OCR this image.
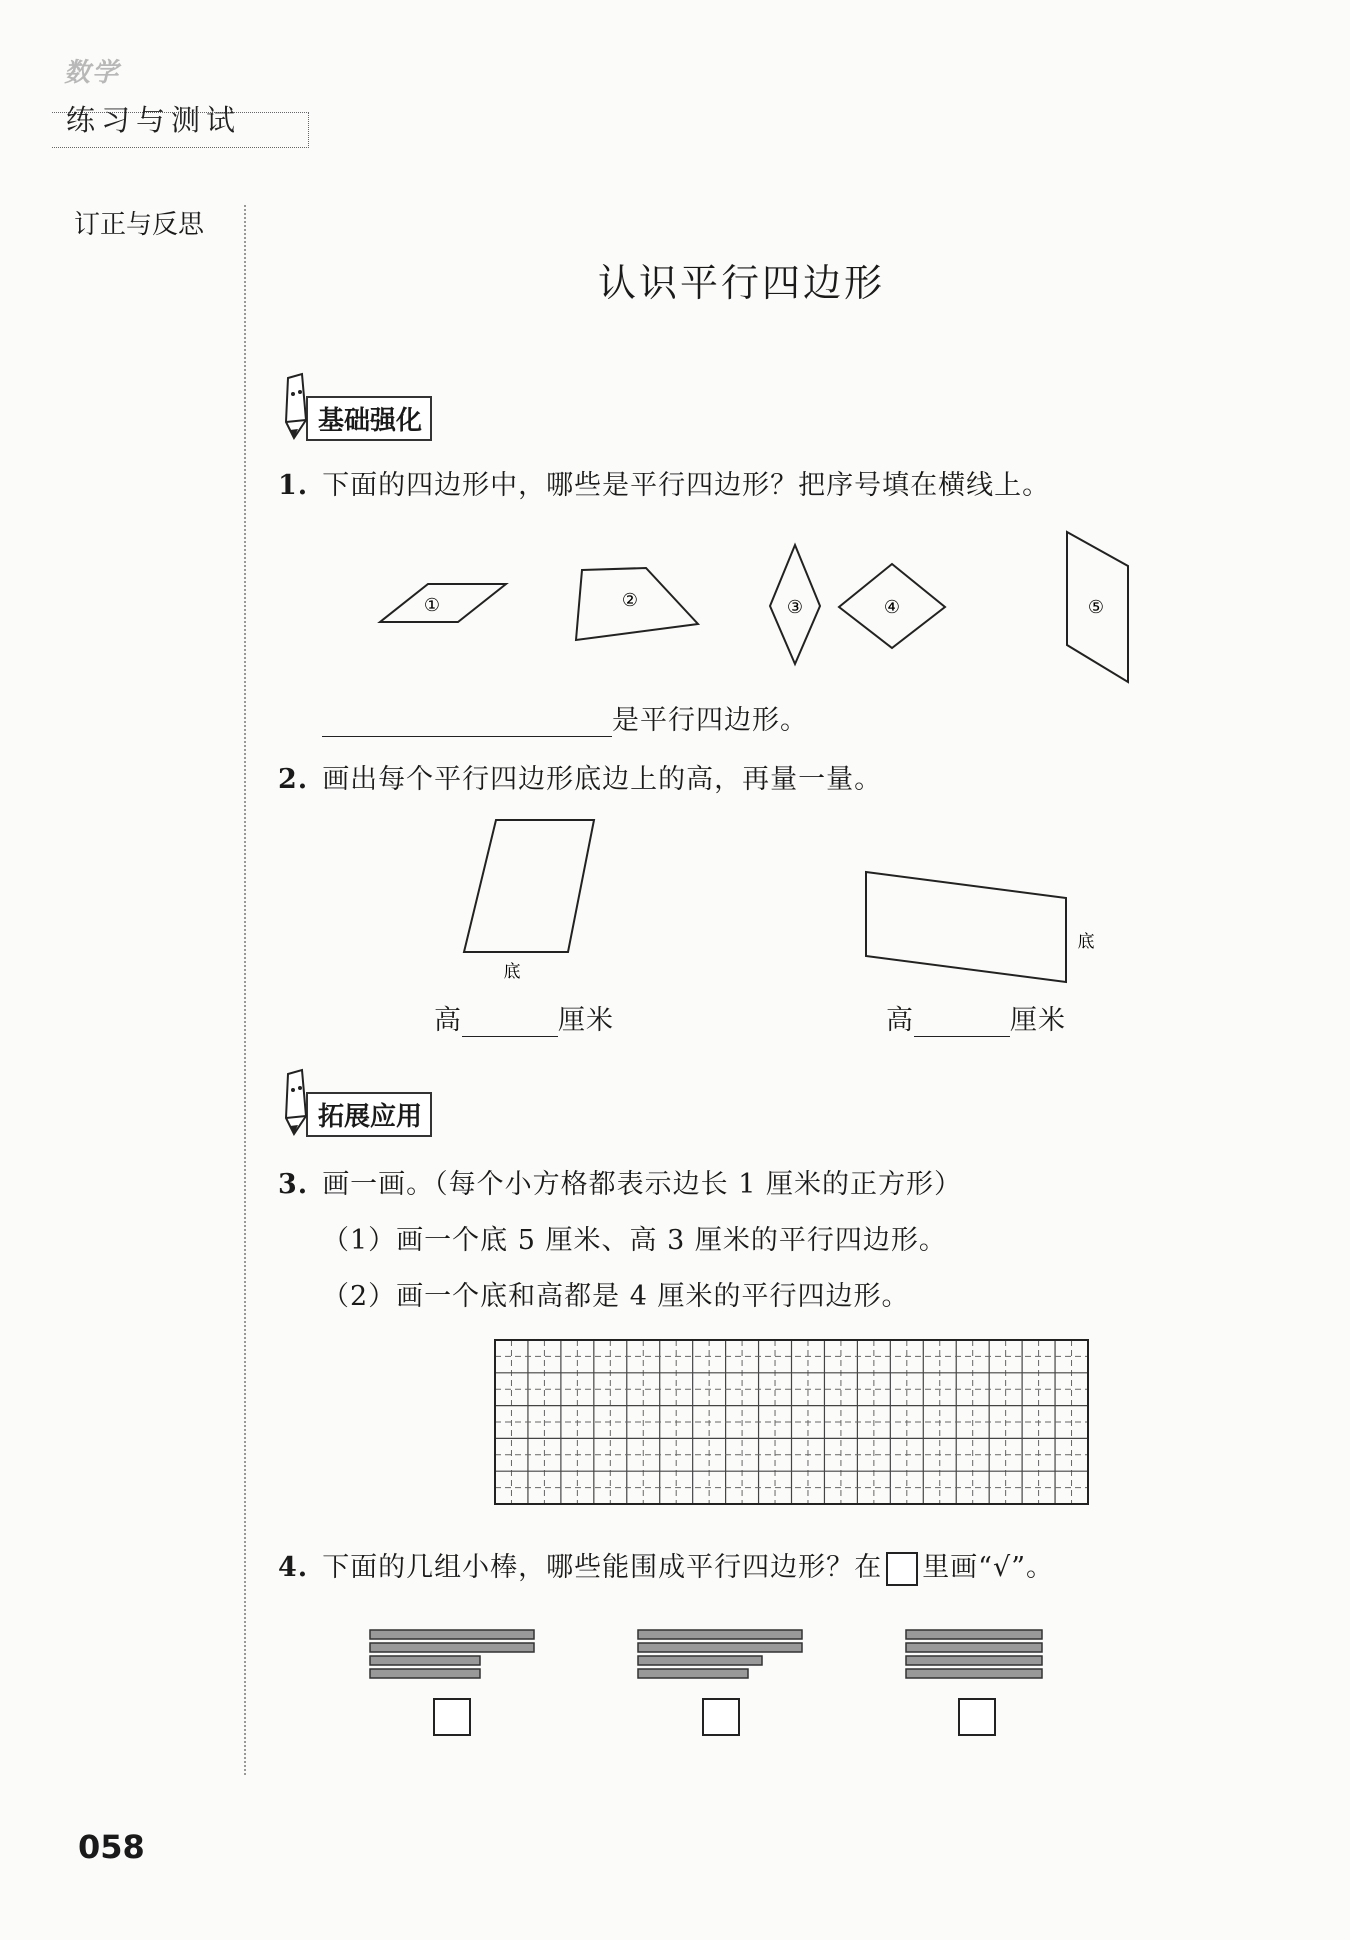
数学
练习与测试
订正与反思
认识平行四边形
基础强化
1. 下面的四边形中，哪些是平行四边形？把序号填在横线上。
①	②	③	④	⑤
是平行四边形。
2. 画出每个平行四边形底边上的高，再量一量。
底
底
高	厘米	高	厘米
拓展应用
3. 画一画。（每个小方格都表示边长 1 厘米的正方形）
（1）画一个底 5 厘米、高 3 厘米的平行四边形。
（2）画一个底和高都是 4 厘米的平行四边形。
4. 下面的几组小棒，哪些能围成平行四边形？在 里画“√”。
058
